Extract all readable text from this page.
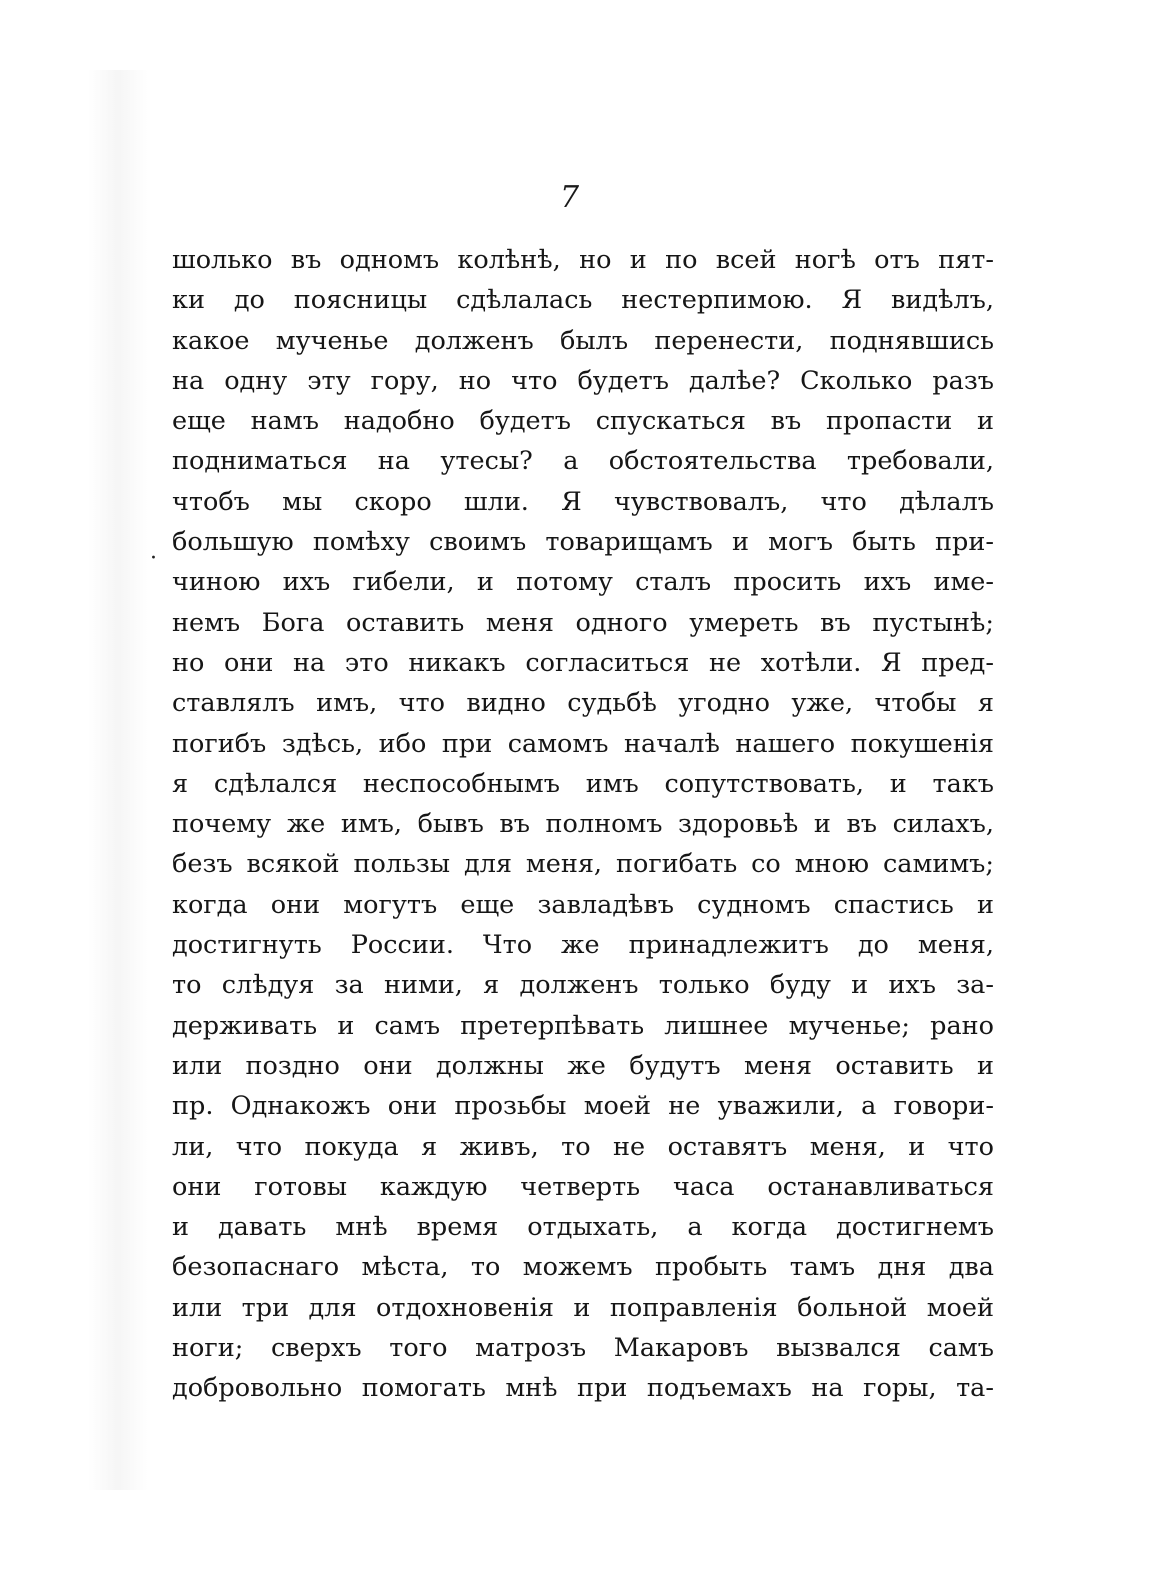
7
·
шолько въ одномъ колѣнѣ, но и по всей ногѣ отъ пят-
ки до поясницы сдѣлалась нестерпимою. Я видѣлъ,
какое мученье долженъ былъ перенести, поднявшись
на одну эту гору, но что будетъ далѣе? Сколько разъ
еще намъ надобно будетъ спускаться въ пропасти и
подниматься на утесы? а обстоятельства требовали,
чтобъ мы скоро шли. Я чувствовалъ, что дѣлалъ
большую помѣху своимъ товарищамъ и могъ быть при-
чиною ихъ гибели, и потому сталъ просить ихъ име-
немъ Бога оставить меня одного умереть въ пустынѣ;
но они на это никакъ согласиться не хотѣли. Я пред-
ставлялъ имъ, что видно судьбѣ угодно уже, чтобы я
погибъ здѣсь, ибо при самомъ началѣ нашего покушенія
я сдѣлался неспособнымъ имъ сопутствовать, и такъ
почему же имъ, бывъ въ полномъ здоровьѣ и въ силахъ,
безъ всякой пользы для меня, погибать со мною самимъ;
когда они могутъ еще завладѣвъ судномъ спастись и
достигнуть России. Что же принадлежитъ до меня,
то слѣдуя за ними, я долженъ только буду и ихъ за-
держивать и самъ претерпѣвать лишнее мученье; рано
или поздно они должны же будутъ меня оставить и
пр. Однакожъ они прозьбы моей не уважили, а говори-
ли, что покуда я живъ, то не оставятъ меня, и что
они готовы каждую четверть часа останавливаться
и давать мнѣ время отдыхать, а когда достигнемъ
безопаснаго мѣста, то можемъ пробыть тамъ дня два
или три для отдохновенія и поправленія больной моей
ноги; сверхъ того матрозъ Макаровъ вызвался самъ
добровольно помогать мнѣ при подъемахъ на горы, та-
